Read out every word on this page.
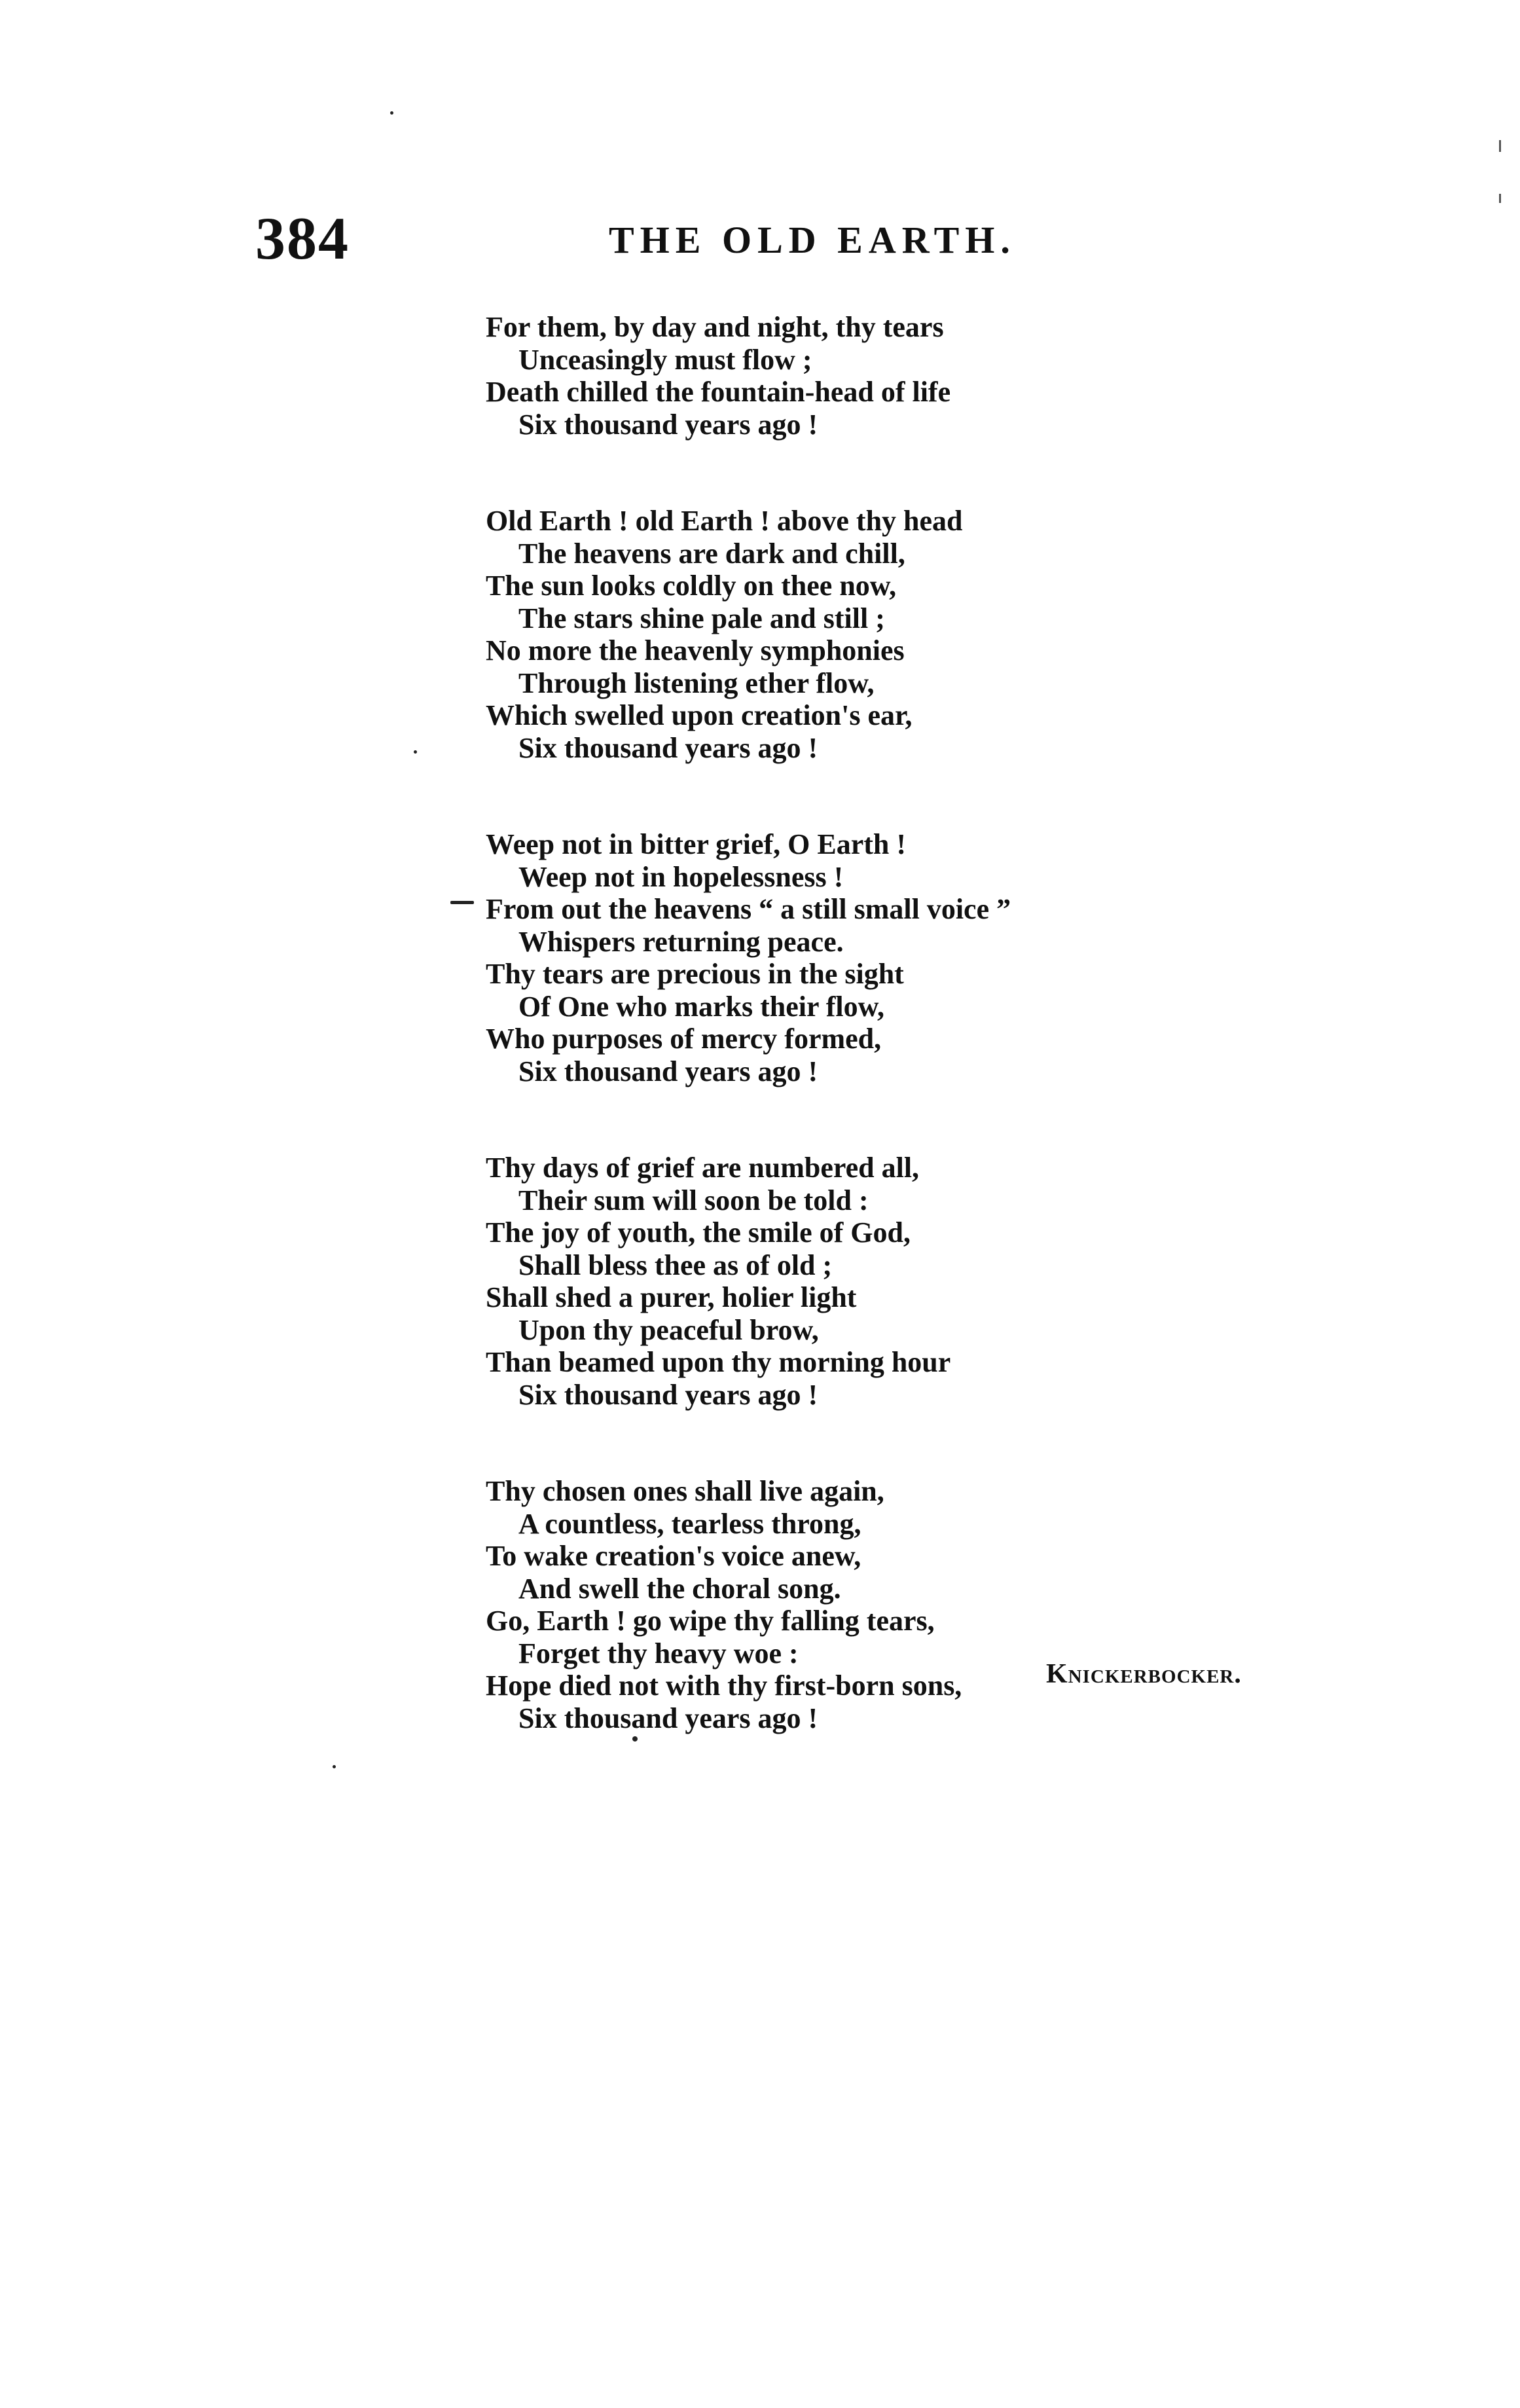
384	THE OLD EARTH.
For them, by day and night, thy tears
Unceasingly must flow ;
Death chilled the fountain-head of life
Six thousand years ago !
Old Earth ! old Earth ! above thy head
The heavens are dark and chill,
The sun looks coldly on thee now,
The stars shine pale and still ;
No more the heavenly symphonies
Through listening ether flow,
Which swelled upon creation's ear,
Six thousand years ago !
Weep not in bitter grief, O Earth !
Weep not in hopelessness !
From out the heavens “ a still small voice ”
Whispers returning peace.
Thy tears are precious in the sight
Of One who marks their flow,
Who purposes of mercy formed,
Six thousand years ago !
Thy days of grief are numbered all,
Their sum will soon be told :
The joy of youth, the smile of God,
Shall bless thee as of old ;
Shall shed a purer, holier light
Upon thy peaceful brow,
Than beamed upon thy morning hour
Six thousand years ago !
Thy chosen ones shall live again,
A countless, tearless throng,
To wake creation's voice anew,
And swell the choral song.
Go, Earth ! go wipe thy falling tears,
Forget thy heavy woe :
Hope died not with thy first-born sons,
Six thousand years ago !
Knickerbocker.
